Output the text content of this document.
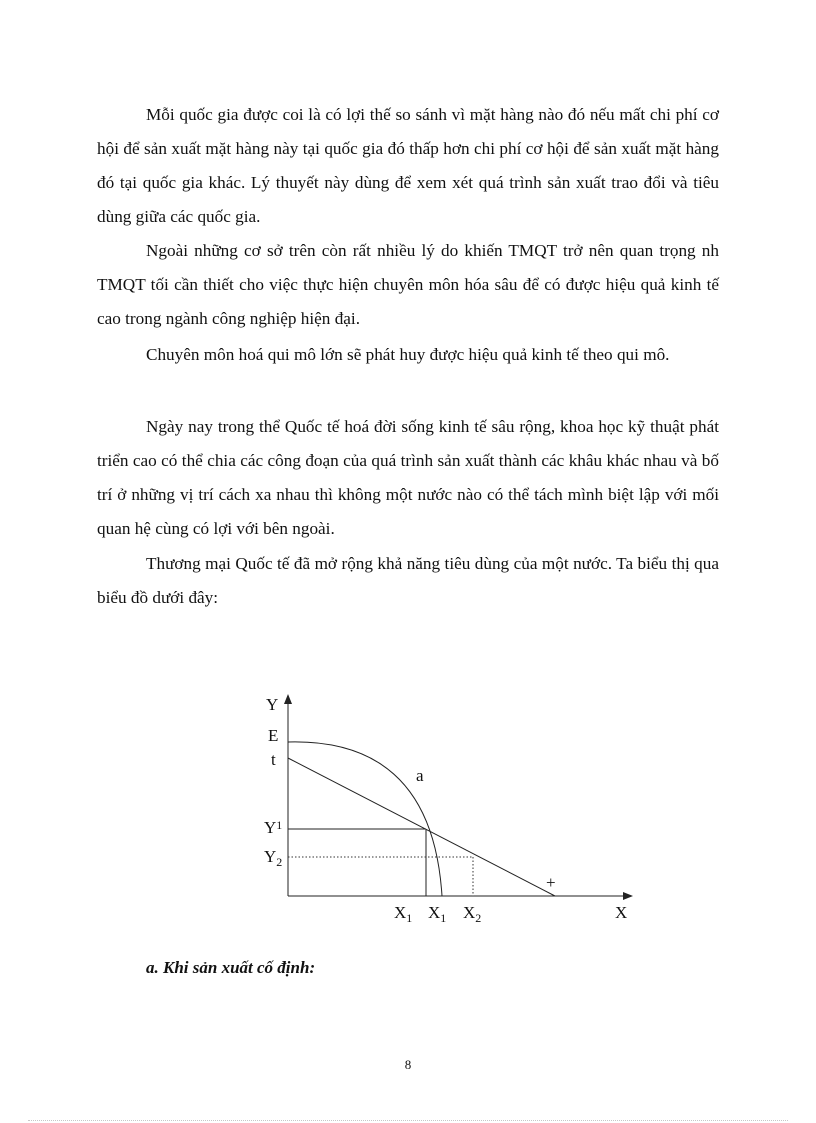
Mỗi quốc gia được coi là có lợi thế so sánh vì mặt hàng nào đó nếu mất chi phí cơ hội để sản xuất mặt hàng này tại quốc gia đó thấp hơn chi phí cơ hội để sản xuất mặt hàng đó tại quốc gia khác. Lý thuyết này dùng để xem xét quá trình sản xuất trao đổi và tiêu dùng giữa các quốc gia.

Ngoài những cơ sở trên còn rất nhiều lý do khiến TMQT trở nên quan trọng nh TMQT tối cần thiết cho việc thực hiện chuyên môn hóa sâu để có được hiệu quả kinh tế cao trong ngành công nghiệp hiện đại.

Chuyên môn hoá qui mô lớn sẽ phát huy được hiệu quả kinh tế theo qui mô.

Ngày nay trong thể Quốc tế hoá đời sống kinh tế sâu rộng, khoa học kỹ thuật phát triển cao có thể chia các công đoạn của quá trình sản xuất thành các khâu khác nhau và bố trí ở những vị trí cách xa nhau thì không một nước nào có thể tách mình biệt lập với mối quan hệ cùng có lợi với bên ngoài.

Thương mại Quốc tế đã mở rộng khả năng tiêu dùng của một nước. Ta biểu thị qua biểu đồ dưới đây:

Y
E
t
a
+
$Y^1$
$Y_2$
$X_1$ $X_1$ $X_2$	X

a. Khi sản xuất cố định:

8
